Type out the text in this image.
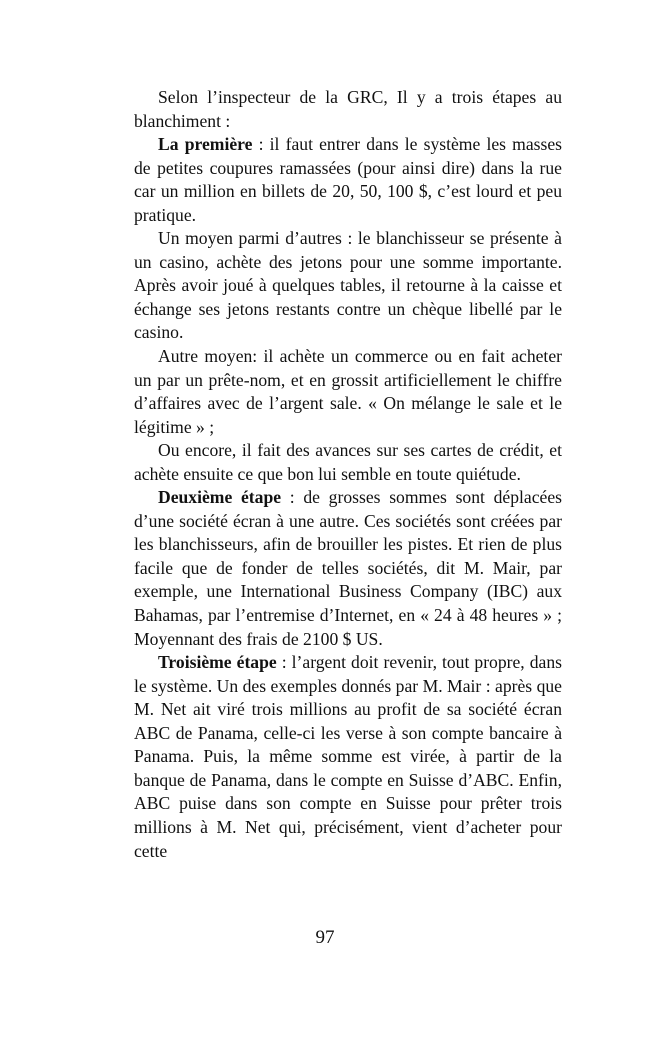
Selon l’inspecteur de la GRC, Il y a trois étapes au blanchiment :

La première : il faut entrer dans le système les masses de petites coupures ramassées (pour ainsi dire) dans la rue car un million en billets de 20, 50, 100 $, c’est lourd et peu pratique.

Un moyen parmi d’autres : le blanchisseur se présente à un casino, achète des jetons pour une somme importante. Après avoir joué à quelques tables, il retourne à la caisse et échange ses jetons restants contre un chèque libellé par le casino.

Autre moyen: il achète un commerce ou en fait acheter un par un prête-nom, et en grossit artificiellement le chiffre d’affaires avec de l’argent sale. « On mélange le sale et le légitime » ;

Ou encore, il fait des avances sur ses cartes de crédit, et achète ensuite ce que bon lui semble en toute quiétude.

Deuxième étape : de grosses sommes sont déplacées d’une société écran à une autre. Ces sociétés sont créées par les blanchisseurs, afin de brouiller les pistes. Et rien de plus facile que de fonder de telles sociétés, dit M. Mair, par exemple, une International Business Company (IBC) aux Bahamas, par l’entremise d’Internet, en « 24 à 48 heures » ; Moyennant des frais de 2100 $ US.

Troisième étape : l’argent doit revenir, tout propre, dans le système. Un des exemples donnés par M. Mair : après que M. Net ait viré trois millions au profit de sa société écran ABC de Panama, celle-ci les verse à son compte bancaire à Panama. Puis, la même somme est virée, à partir de la banque de Panama, dans le compte en Suisse d’ABC. Enfin, ABC puise dans son compte en Suisse pour prêter trois millions à M. Net qui, précisément, vient d’acheter pour cette

97
